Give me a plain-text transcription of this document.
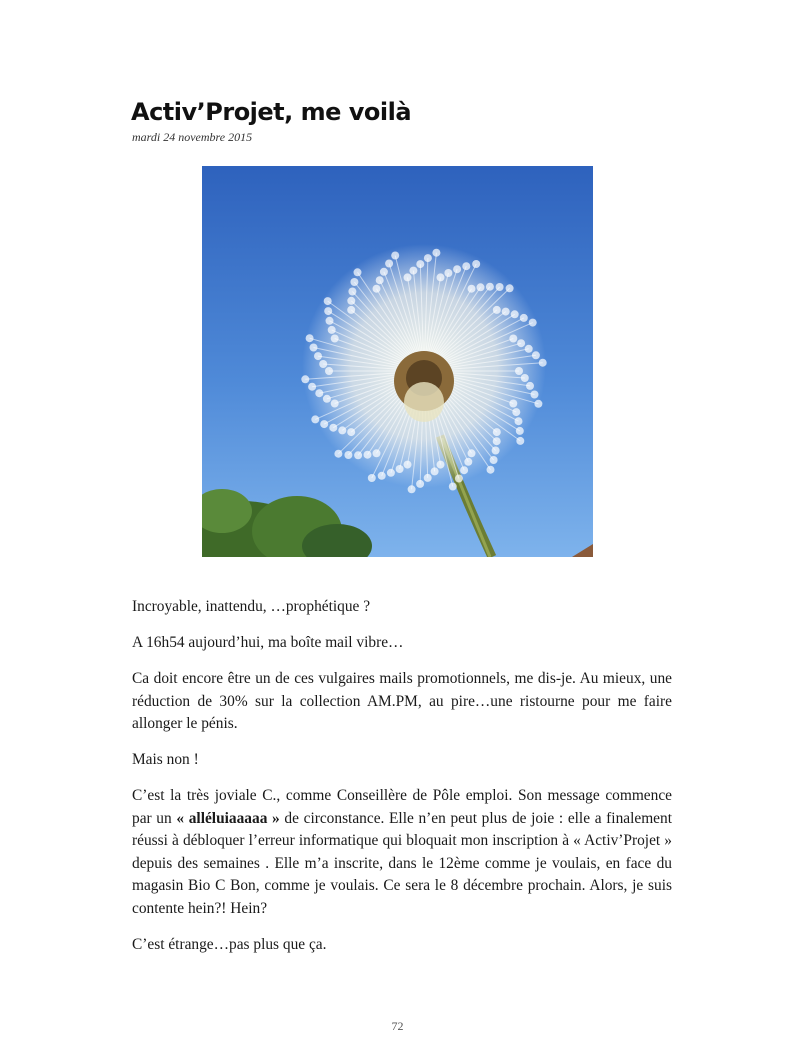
Activ’Projet, me voilà
mardi 24 novembre 2015

Incroyable, inattendu, …prophétique ?

A 16h54 aujourd’hui, ma boîte mail vibre…

Ca doit encore être un de ces vulgaires mails promotionnels, me dis-je. Au mieux, une réduction de 30% sur la collection AM.PM, au pire…une ristourne pour me faire allonger le pénis.

Mais non !

C’est la très joviale C., comme Conseillère de Pôle emploi. Son message commence par un « alléluiaaaaa » de circonstance. Elle n’en peut plus de joie : elle a finalement réussi à débloquer l’erreur informatique qui bloquait mon inscription à « Activ’Projet » depuis des semaines . Elle m’a inscrite, dans le 12ème comme je voulais, en face du magasin Bio C Bon, comme je voulais. Ce sera le 8 décembre prochain. Alors, je suis contente hein?! Hein?

C’est étrange…pas plus que ça.

72
